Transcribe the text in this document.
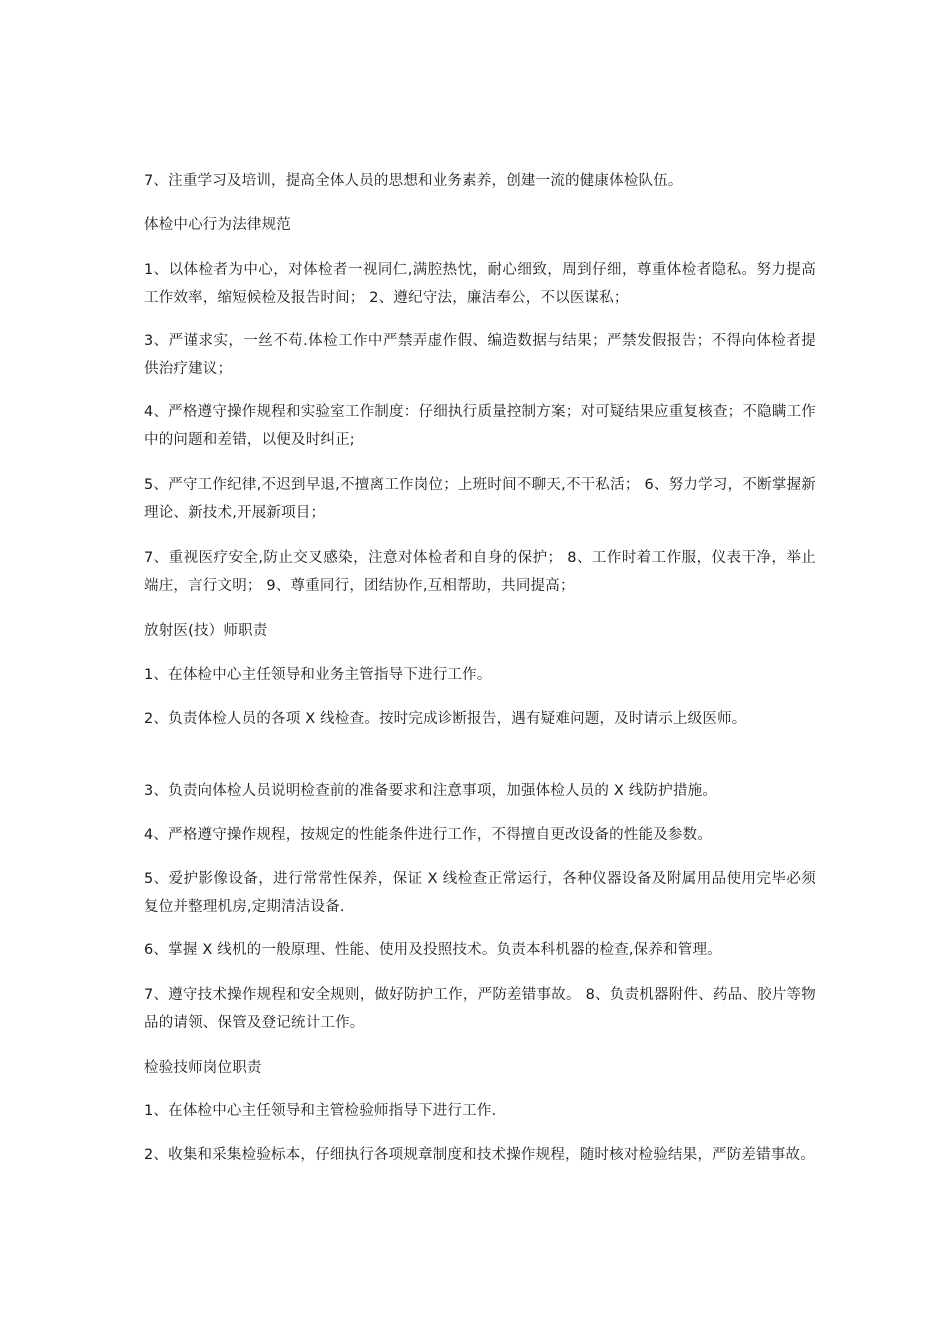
7、注重学习及培训，提高全体人员的思想和业务素养，创建一流的健康体检队伍。

体检中心行为法律规范

1、以体检者为中心，对体检者一视同仁,满腔热忱，耐心细致，周到仔细，尊重体检者隐私。努力提高工作效率，缩短候检及报告时间； 2、遵纪守法，廉洁奉公，不以医谋私；

3、严谨求实，一丝不苟.体检工作中严禁弄虚作假、编造数据与结果；严禁发假报告；不得向体检者提供治疗建议；

4、严格遵守操作规程和实验室工作制度：仔细执行质量控制方案；对可疑结果应重复核查；不隐瞒工作中的问题和差错，以便及时纠正;

5、严守工作纪律,不迟到早退,不擅离工作岗位；上班时间不聊天,不干私活； 6、努力学习，不断掌握新理论、新技术,开展新项目；

7、重视医疗安全,防止交叉感染，注意对体检者和自身的保护； 8、工作时着工作服，仪表干净，举止端庄，言行文明； 9、尊重同行，团结协作,互相帮助，共同提高；

放射医(技）师职责

1、在体检中心主任领导和业务主管指导下进行工作。

2、负责体检人员的各项 X 线检查。按时完成诊断报告，遇有疑难问题，及时请示上级医师。

3、负责向体检人员说明检查前的准备要求和注意事项，加强体检人员的 X 线防护措施。

4、严格遵守操作规程，按规定的性能条件进行工作，不得擅自更改设备的性能及参数。

5、爱护影像设备，进行常常性保养，保证 X 线检查正常运行，各种仪器设备及附属用品使用完毕必须复位并整理机房,定期清洁设备.

6、掌握 X 线机的一般原理、性能、使用及投照技术。负责本科机器的检查,保养和管理。

7、遵守技术操作规程和安全规则，做好防护工作，严防差错事故。 8、负责机器附件、药品、胶片等物品的请领、保管及登记统计工作。

检验技师岗位职责

1、在体检中心主任领导和主管检验师指导下进行工作.

2、收集和采集检验标本，仔细执行各项规章制度和技术操作规程，随时核对检验结果，严防差错事故。
